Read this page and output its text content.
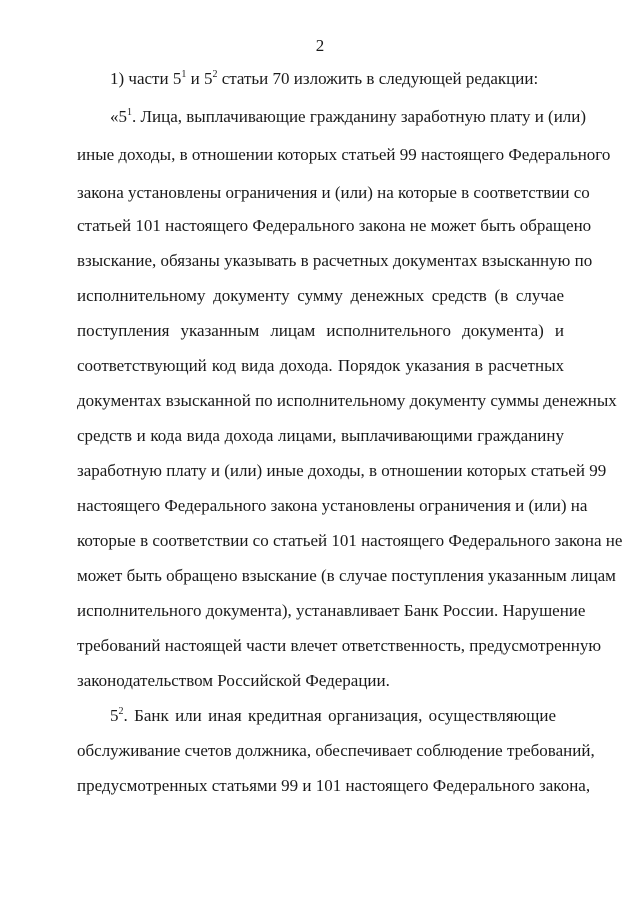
2
1) части $5^1$ и $5^2$ статьи 70 изложить в следующей редакции:
«$5^1$. Лица, выплачивающие гражданину заработную плату и (или)
иные доходы, в отношении которых статьей 99 настоящего Федерального
закона установлены ограничения и (или) на которые в соответствии со
статьей 101 настоящего Федерального закона не может быть обращено
взыскание, обязаны указывать в расчетных документах взысканную по
исполнительному документу сумму денежных средств (в случае
поступления указанным лицам исполнительного документа) и
соответствующий код вида дохода. Порядок указания в расчетных
документах взысканной по исполнительному документу суммы денежных
средств и кода вида дохода лицами, выплачивающими гражданину
заработную плату и (или) иные доходы, в отношении которых статьей 99
настоящего Федерального закона установлены ограничения и (или) на
которые в соответствии со статьей 101 настоящего Федерального закона не
может быть обращено взыскание (в случае поступления указанным лицам
исполнительного документа), устанавливает Банк России. Нарушение
требований настоящей части влечет ответственность, предусмотренную
законодательством Российской Федерации.
$5^2$. Банк или иная кредитная организация, осуществляющие
обслуживание счетов должника, обеспечивает соблюдение требований,
предусмотренных статьями 99 и 101 настоящего Федерального закона,
